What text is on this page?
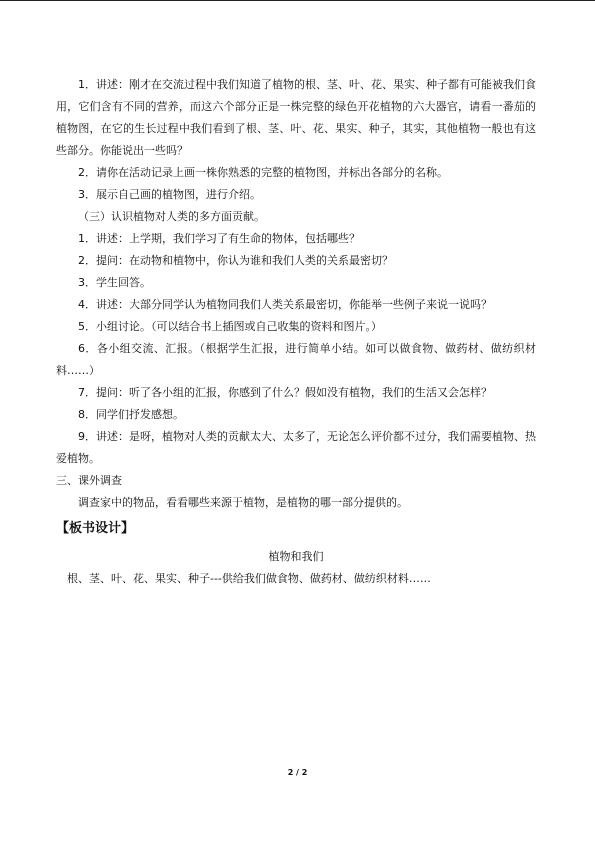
1．讲述：刚才在交流过程中我们知道了植物的根、茎、叶、花、果实、种子都有可能被我们食用，它们含有不同的营养，而这六个部分正是一株完整的绿色开花植物的六大器官，请看一番茄的植物图，在它的生长过程中我们看到了根、茎、叶、花、果实、种子，其实，其他植物一般也有这些部分。你能说出一些吗？

2．请你在活动记录上画一株你熟悉的完整的植物图，并标出各部分的名称。

3．展示自己画的植物图，进行介绍。

（三）认识植物对人类的多方面贡献。

1．讲述：上学期，我们学习了有生命的物体，包括哪些？

2．提问：在动物和植物中，你认为谁和我们人类的关系最密切？

3．学生回答。

4．讲述：大部分同学认为植物同我们人类关系最密切，你能举一些例子来说一说吗？

5．小组讨论。（可以结合书上插图或自己收集的资料和图片。）

6．各小组交流、汇报。（根据学生汇报，进行简单小结。如可以做食物、做药材、做纺织材料……）

7．提问：听了各小组的汇报，你感到了什么？假如没有植物，我们的生活又会怎样？

8．同学们抒发感想。

9．讲述：是呀，植物对人类的贡献太大、太多了，无论怎么评价都不过分，我们需要植物、热爱植物。

三、课外调查

调查家中的物品，看看哪些来源于植物，是植物的哪一部分提供的。

【板书设计】

植物和我们

根、茎、叶、花、果实、种子---供给我们做食物、做药材、做纺织材料……

2 / 2
